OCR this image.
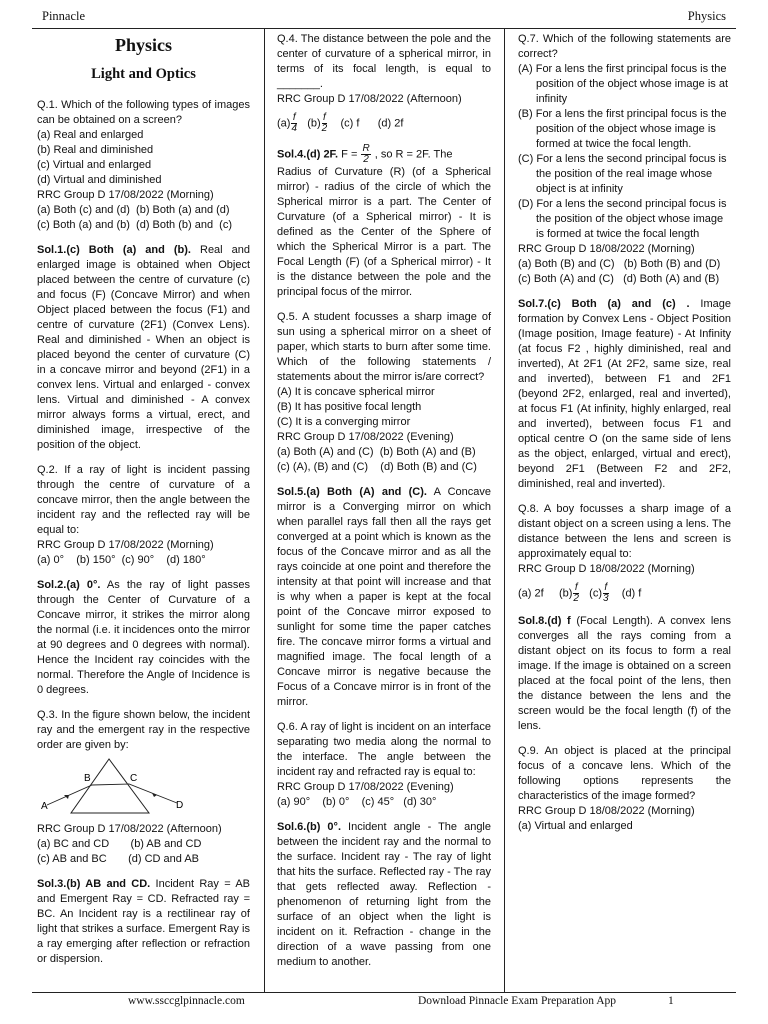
Pinnacle	Physics
Physics
Light and Optics

Q.1. Which of the following types of images can be obtained on a screen?
(a) Real and enlarged
(b) Real and diminished
(c) Virtual and enlarged
(d) Virtual and diminished
RRC Group D 17/08/2022 (Morning)
(a) Both (c) and (d)  (b) Both (a) and (d)
(c) Both (a) and (b)  (d) Both (b) and  (c)

Sol.1.(c) Both (a) and (b). Real and enlarged image is obtained when Object placed between the centre of curvature (c) and focus (F) (Concave Mirror) and when Object placed between the focus (F1) and centre of curvature (2F1) (Convex Lens). Real and diminished - When an object is placed beyond the center of curvature (C) in a concave mirror and beyond (2F1) in a convex lens. Virtual and enlarged - convex lens. Virtual and diminished - A convex mirror always forms a virtual, erect, and diminished image, irrespective of the position of the object.

Q.2. If a ray of light is incident passing through the centre of curvature of a concave mirror, then the angle between the incident ray and the reflected ray will be equal to:
RRC Group D 17/08/2022 (Morning)
(a) 0°    (b) 150°  (c) 90°    (d) 180°

Sol.2.(a) 0°. As the ray of light passes through the Center of Curvature of a Concave mirror, it strikes the mirror along the normal (i.e. it incidences onto the mirror at 90 degrees and 0 degrees with normal). Hence the Incident ray coincides with the normal. Therefore the Angle of Incidence is 0 degrees.

Q.3. In the figure shown below, the incident ray and the emergent ray in the respective order are given by:

A
B	C
D

RRC Group D 17/08/2022 (Afternoon)
(a) BC and CD       (b) AB and CD
(c) AB and BC       (d) CD and AB

Sol.3.(b) AB and CD. Incident Ray = AB and Emergent Ray = CD. Refracted ray = BC. An Incident ray is a rectilinear ray of light that strikes a surface. Emergent Ray is a ray emerging after reflection or refraction or dispersion.

Q.4. The distance between the pole and the center of curvature of a spherical mirror, in terms of its focal length, is equal to _______.
RRC Group D 17/08/2022 (Afternoon)

$(a) \frac{f}{4} (b) \frac{f}{2} (c)$ f (d) 2f

Sol.4.(d) 2F. $F = \frac{R}{2}$ , so R = 2F. The
Radius of Curvature (R) (of a Spherical mirror) - radius of the circle of which the Spherical mirror is a part. The Center of Curvature (of a Spherical mirror) - It is defined as the Center of the Sphere of which the Spherical Mirror is a part. The Focal Length (F) (of a Spherical mirror) - It is the distance between the pole and the principal focus of the mirror.

Q.5. A student focusses a sharp image of sun using a spherical mirror on a sheet of paper, which starts to burn after some time. Which of the following statements / statements about the mirror is/are correct?
(A) It is concave spherical mirror
(B) It has positive focal length
(C) It is a converging mirror
RRC Group D 17/08/2022 (Evening)
(a) Both (A) and (C)  (b) Both (A) and (B)
(c) (A), (B) and (C)    (d) Both (B) and (C)

Sol.5.(a) Both (A) and (C). A Concave mirror is a Converging mirror on which when parallel rays fall then all the rays get converged at a point which is known as the focus of the Concave mirror and as all the rays coincide at one point and therefore the intensity at that point will increase and that is why when a paper is kept at the focal point of the Concave mirror exposed to sunlight for some time the paper catches fire. The concave mirror forms a virtual and magnified image. The focal length of a Concave mirror is negative because the Focus of a Concave mirror is in front of the mirror.

Q.6. A ray of light is incident on an interface separating two media along the normal to the interface. The angle between the incident ray and refracted ray is equal to:
RRC Group D 17/08/2022 (Evening)
(a) 90°    (b) 0°    (c) 45°   (d) 30°

Sol.6.(b) 0°. Incident angle - The angle between the incident ray and the normal to the surface. Incident ray - The ray of light that hits the surface. Reflected ray - The ray that gets reflected away. Reflection - phenomenon of returning light from the surface of an object when the light is incident on it. Refraction - change in the direction of a wave passing from one medium to another.

Q.7. Which of the following statements are correct?
(A) For a lens the first principal focus is the position of the object whose image is at infinity
(B) For a lens the first principal focus is the position of the object whose image is formed at twice the focal length.
(C) For a lens the second principal focus is the position of the real image whose object is at infinity
(D) For a lens the second principal focus is the position of the object whose image is formed at twice the focal length
RRC Group D 18/08/2022 (Morning)
(a) Both (B) and (C)   (b) Both (B) and (D)
(c) Both (A) and (C)   (d) Both (A) and (B)

Sol.7.(c) Both (a) and (c) . Image formation by Convex Lens - Object Position (Image position, Image feature) - At Infinity (at focus F2 , highly diminished, real and inverted), At 2F1 (At 2F2, same size, real and inverted), between F1 and 2F1 (beyond 2F2, enlarged, real and inverted), at focus F1 (At infinity, highly enlarged, real and inverted), between focus F1 and optical centre O (on the same side of lens as the object, enlarged, virtual and erect), beyond 2F1 (Between F2 and 2F2, diminished, real and inverted).

Q.8. A boy focusses a sharp image of a distant object on a screen using a lens. The distance between the lens and screen is approximately equal to:
RRC Group D 18/08/2022 (Morning)

(a) 2f $(b) \frac{f}{2} (c) \frac{f}{3} (d)$ f

Sol.8.(d) f (Focal Length). A convex lens converges all the rays coming from a distant object on its focus to form a real image. If the image is obtained on a screen placed at the focal point of the lens, then the distance between the lens and the screen would be the focal length (f) of the lens.

Q.9. An object is placed at the principal focus of a concave lens. Which of the following options represents the characteristics of the image formed?
RRC Group D 18/08/2022 (Morning)
(a) Virtual and enlarged

www.ssccglpinnacle.com	Download Pinnacle Exam Preparation App	1
